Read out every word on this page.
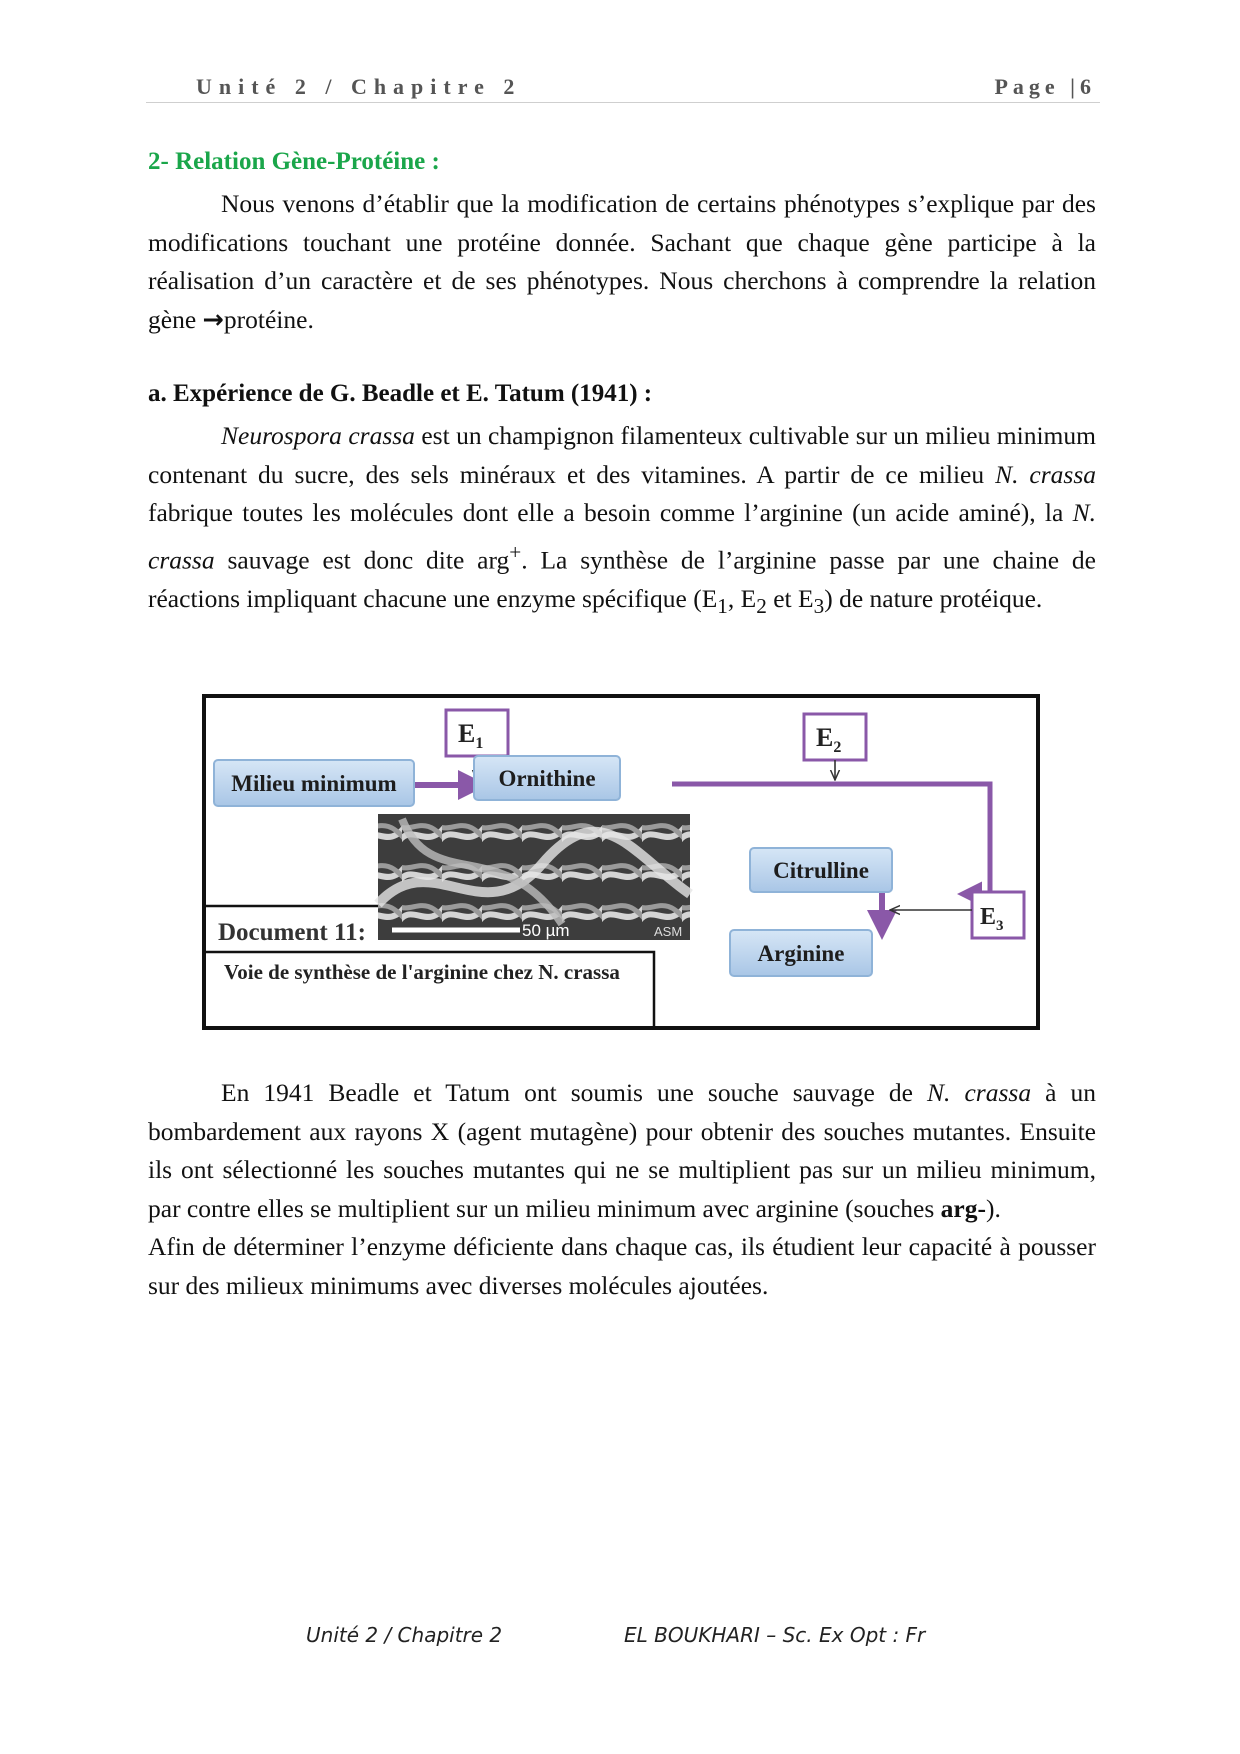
Unité 2 / Chapitre 2	Page |6
2- Relation Gène-Protéine :

Nous venons d’établir que la modification de certains phénotypes s’explique par des modifications touchant une protéine donnée. Sachant que chaque gène participe à la réalisation d’un caractère et de ses phénotypes. Nous cherchons à comprendre la relation gène →protéine.

a. Expérience de G. Beadle et E. Tatum (1941) :

Neurospora crassa est un champignon filamenteux cultivable sur un milieu minimum contenant du sucre, des sels minéraux et des vitamines. A partir de ce milieu N. crassa fabrique toutes les molécules dont elle a besoin comme l’arginine (un acide aminé), la N. crassa sauvage est donc dite arg+. La synthèse de l’arginine passe par une chaine de réactions impliquant chacune une enzyme spécifique ($E_1$, $E_2$ et $E_3$) de nature protéique.

$E_1$	$E_2$
$E_3$
Milieu minimum	Ornithine
Citrulline
Arginine
50 µm	ASM
Document 11:
Voie de synthèse de l'arginine chez N. crassa

En 1941 Beadle et Tatum ont soumis une souche sauvage de N. crassa à un bombardement aux rayons X (agent mutagène) pour obtenir des souches mutantes. Ensuite ils ont sélectionné les souches mutantes qui ne se multiplient pas sur un milieu minimum, par contre elles se multiplient sur un milieu minimum avec arginine (souches arg-).

Afin de déterminer l’enzyme déficiente dans chaque cas, ils étudient leur capacité à pousser sur des milieux minimums avec diverses molécules ajoutées.

Unité 2 / Chapitre 2	EL BOUKHARI – Sc. Ex Opt : Fr
